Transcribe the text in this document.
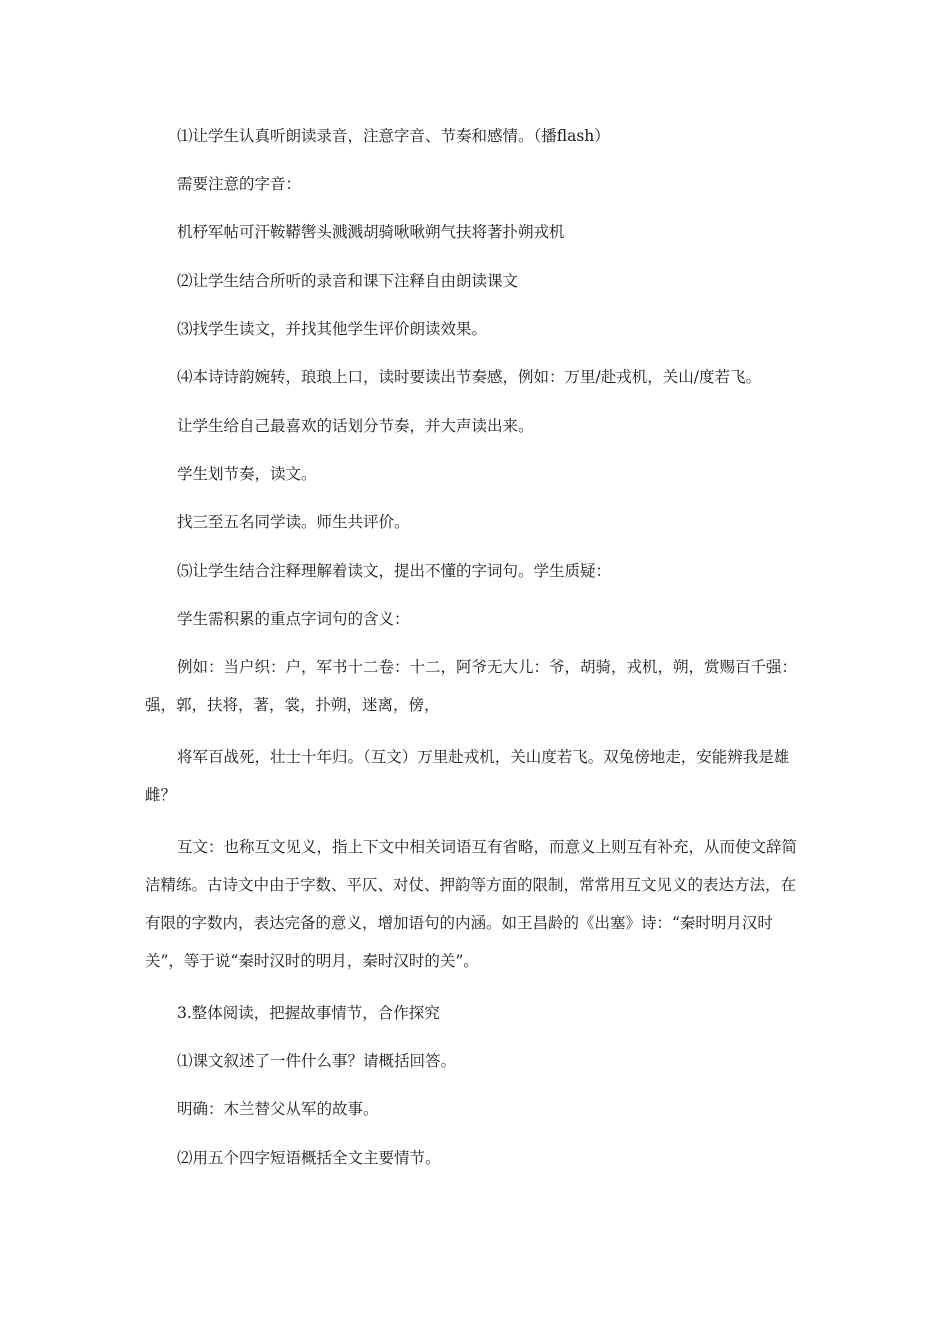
⑴让学生认真听朗读录音，注意字音、节奏和感情。（播flash）
需要注意的字音：
机杼军帖可汗鞍鞯辔头溅溅胡骑啾啾朔气扶将著扑朔戎机
⑵让学生结合所听的录音和课下注释自由朗读课文
⑶找学生读文，并找其他学生评价朗读效果。
⑷本诗诗韵婉转，琅琅上口，读时要读出节奏感，例如：万里/赴戎机，关山/度若飞。
让学生给自己最喜欢的话划分节奏，并大声读出来。
学生划节奏，读文。
找三至五名同学读。师生共评价。
⑸让学生结合注释理解着读文，提出不懂的字词句。学生质疑：
学生需积累的重点字词句的含义：
例如：当户织：户，军书十二卷：十二，阿爷无大儿：爷，胡骑，戎机，朔，赏赐百千强：强，郭，扶将，著，裳，扑朔，迷离，傍，
将军百战死，壮士十年归。（互文）万里赴戎机，关山度若飞。双兔傍地走，安能辨我是雄雌？
互文：也称互文见义，指上下文中相关词语互有省略，而意义上则互有补充，从而使文辞简洁精练。古诗文中由于字数、平仄、对仗、押韵等方面的限制，常常用互文见义的表达方法，在有限的字数内，表达完备的意义，增加语句的内涵。如王昌龄的《出塞》诗：“秦时明月汉时关”，等于说“秦时汉时的明月，秦时汉时的关”。
3.整体阅读，把握故事情节，合作探究
⑴课文叙述了一件什么事？请概括回答。
明确：木兰替父从军的故事。
⑵用五个四字短语概括全文主要情节。
